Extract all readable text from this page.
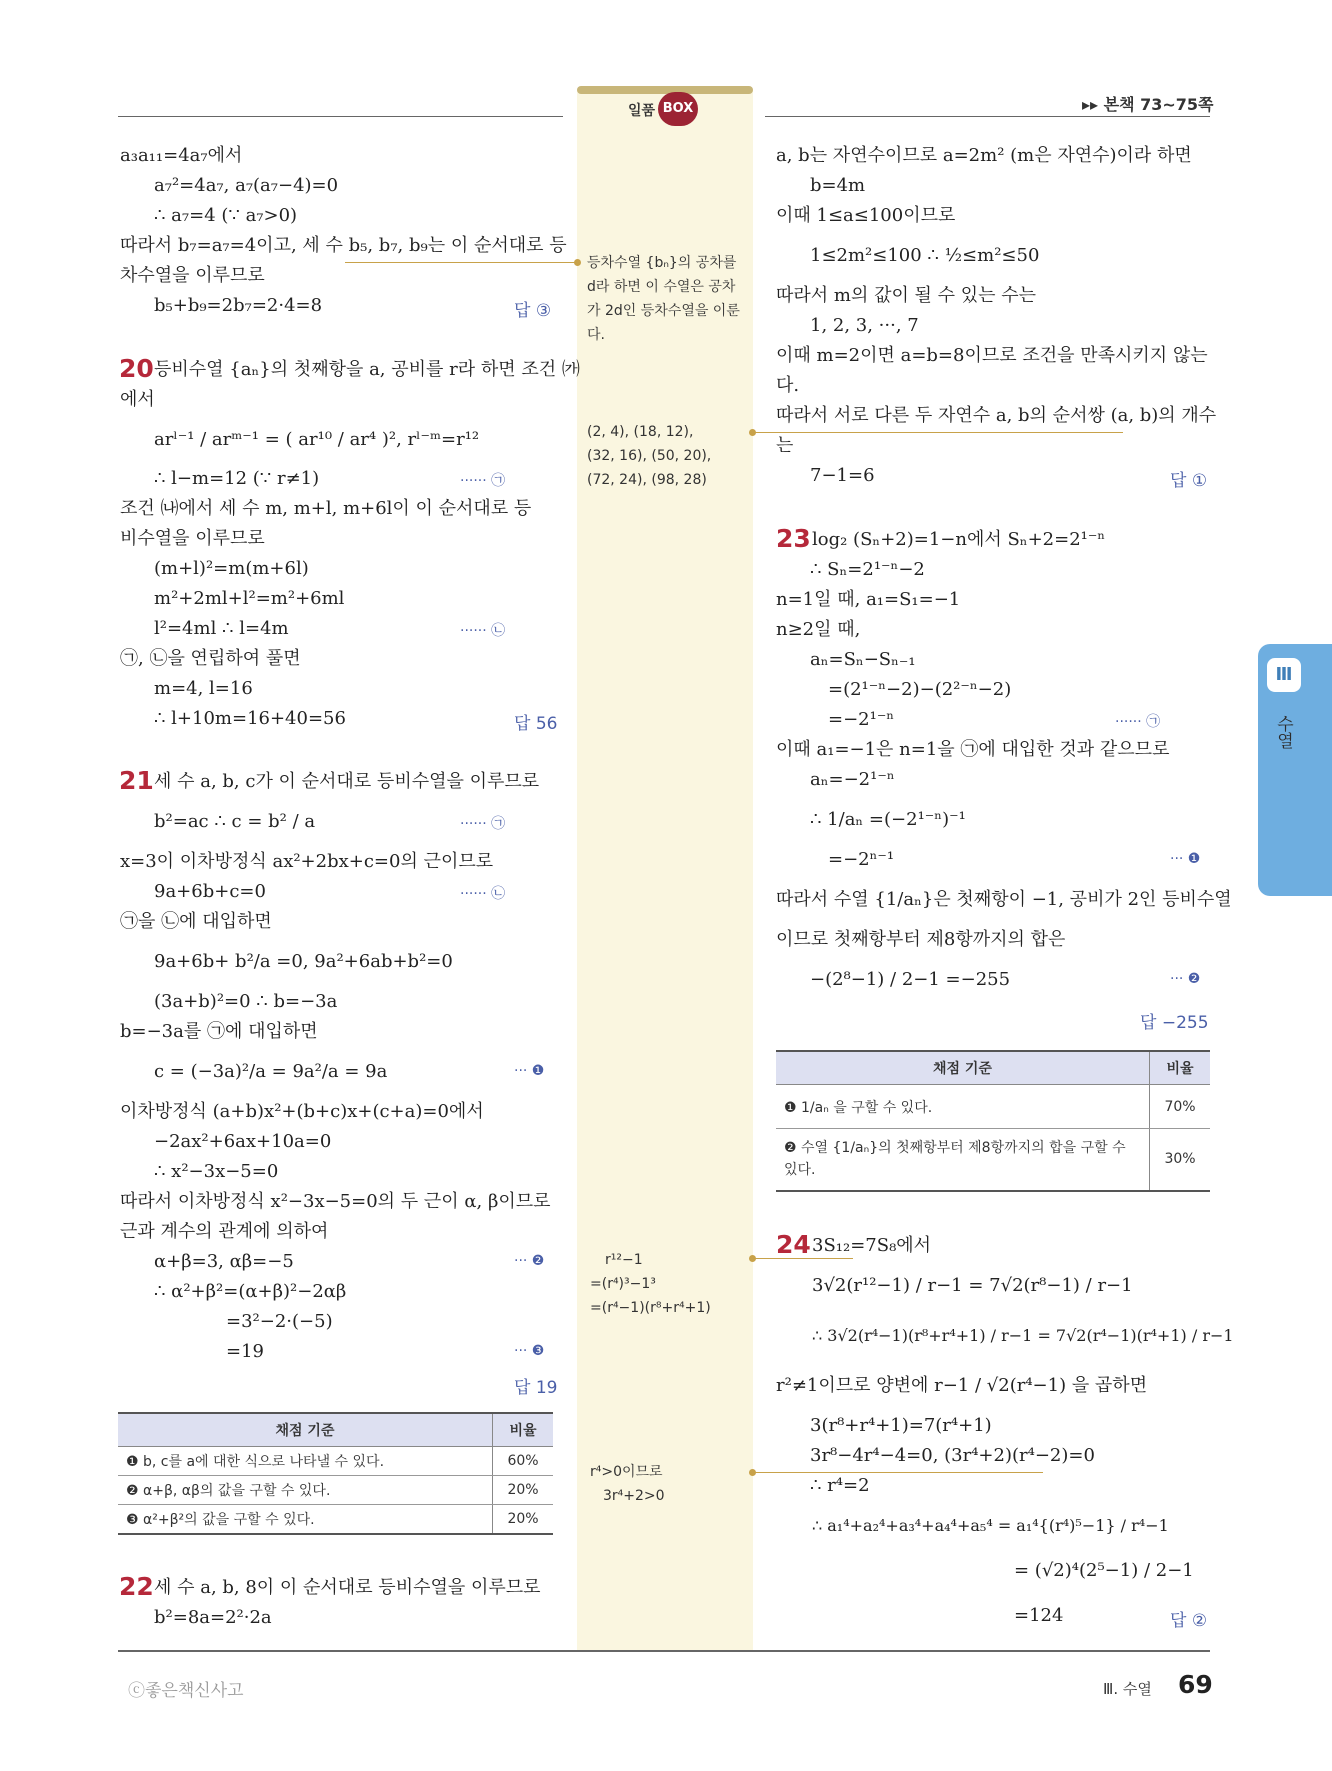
일품 BOX	▸▸ 본책 73~75쪽
a₃a₁₁=4a₇에서
a₇²=4a₇, a₇(a₇−4)=0
∴ a₇=4 (∵ a₇>0)
따라서 b₇=a₇=4이고, 세 수 b₅, b₇, b₉는 이 순서대로 등
차수열을 이루므로
b₅+b₉=2b₇=2·4=8	답 ③
20 등비수열 {aₙ}의 첫째항을 a, 공비를 r라 하면 조건 ㈎
에서
arˡ⁻¹ / arᵐ⁻¹ = ( ar¹⁰ / ar⁴ )², rˡ⁻ᵐ=r¹²
∴ l−m=12 (∵ r≠1)	······ ㉠
조건 ㈏에서 세 수 m, m+l, m+6l이 이 순서대로 등
비수열을 이루므로
(m+l)²=m(m+6l)
m²+2ml+l²=m²+6ml
l²=4ml ∴ l=4m	······ ㉡
㉠, ㉡을 연립하여 풀면
m=4, l=16
∴ l+10m=16+40=56	답 56
21 세 수 a, b, c가 이 순서대로 등비수열을 이루므로
b²=ac ∴ c = b² / a	······ ㉠
x=3이 이차방정식 ax²+2bx+c=0의 근이므로
9a+6b+c=0	······ ㉡
㉠을 ㉡에 대입하면
9a+6b+ b²/a =0, 9a²+6ab+b²=0
(3a+b)²=0 ∴ b=−3a
b=−3a를 ㉠에 대입하면
c = (−3a)²/a = 9a²/a = 9a	··· ❶
이차방정식 (a+b)x²+(b+c)x+(c+a)=0에서
−2ax²+6ax+10a=0
∴ x²−3x−5=0
따라서 이차방정식 x²−3x−5=0의 두 근이 α, β이므로
근과 계수의 관계에 의하여
α+β=3, αβ=−5	··· ❷
∴ α²+β²=(α+β)²−2αβ
=3²−2·(−5)
=19	··· ❸
답 19
채점 기준	비율
❶ b, c를 a에 대한 식으로 나타낼 수 있다.	60%
❷ α+β, αβ의 값을 구할 수 있다.	20%
❸ α²+β²의 값을 구할 수 있다.	20%
22 세 수 a, b, 8이 이 순서대로 등비수열을 이루므로
b²=8a=2²·2a
등차수열 {bₙ}의 공차를
d라 하면 이 수열은 공차
가 2d인 등차수열을 이룬
다.
(2, 4), (18, 12),
(32, 16), (50, 20),
(72, 24), (98, 28)
r¹²−1
=(r⁴)³−1³
=(r⁴−1)(r⁸+r⁴+1)
r⁴>0이므로
3r⁴+2>0
a, b는 자연수이므로 a=2m² (m은 자연수)이라 하면
b=4m
이때 1≤a≤100이므로
1≤2m²≤100 ∴ ½≤m²≤50
따라서 m의 값이 될 수 있는 수는
1, 2, 3, ···, 7
이때 m=2이면 a=b=8이므로 조건을 만족시키지 않는
다.
따라서 서로 다른 두 자연수 a, b의 순서쌍 (a, b)의 개수
는
7−1=6	답 ①
23 log₂ (Sₙ+2)=1−n에서 Sₙ+2=2¹⁻ⁿ
∴ Sₙ=2¹⁻ⁿ−2
n=1일 때, a₁=S₁=−1
n≥2일 때,
aₙ=Sₙ−Sₙ₋₁
=(2¹⁻ⁿ−2)−(2²⁻ⁿ−2)
=−2¹⁻ⁿ	······ ㉠
이때 a₁=−1은 n=1을 ㉠에 대입한 것과 같으므로
aₙ=−2¹⁻ⁿ
∴ 1/aₙ =(−2¹⁻ⁿ)⁻¹
=−2ⁿ⁻¹	··· ❶
따라서 수열 {1/aₙ}은 첫째항이 −1, 공비가 2인 등비수열
이므로 첫째항부터 제8항까지의 합은
−(2⁸−1) / 2−1 =−255	··· ❷
답 −255
채점 기준	비율
❶ 1/aₙ 을 구할 수 있다.	70%
❷ 수열 {1/aₙ}의 첫째항부터 제8항까지의 합을 구할 수 있다.	30%
24 3S₁₂=7S₈에서
3√2(r¹²−1) / r−1 = 7√2(r⁸−1) / r−1
∴ 3√2(r⁴−1)(r⁸+r⁴+1) / r−1 = 7√2(r⁴−1)(r⁴+1) / r−1
r²≠1이므로 양변에 r−1 / √2(r⁴−1) 을 곱하면
3(r⁸+r⁴+1)=7(r⁴+1)
3r⁸−4r⁴−4=0, (3r⁴+2)(r⁴−2)=0
∴ r⁴=2
∴ a₁⁴+a₂⁴+a₃⁴+a₄⁴+a₅⁴ = a₁⁴{(r⁴)⁵−1} / r⁴−1
= (√2)⁴(2⁵−1) / 2−1
=124	답 ②
Ⅲ
수열
ⓒ좋은책신사고	Ⅲ. 수열 69
